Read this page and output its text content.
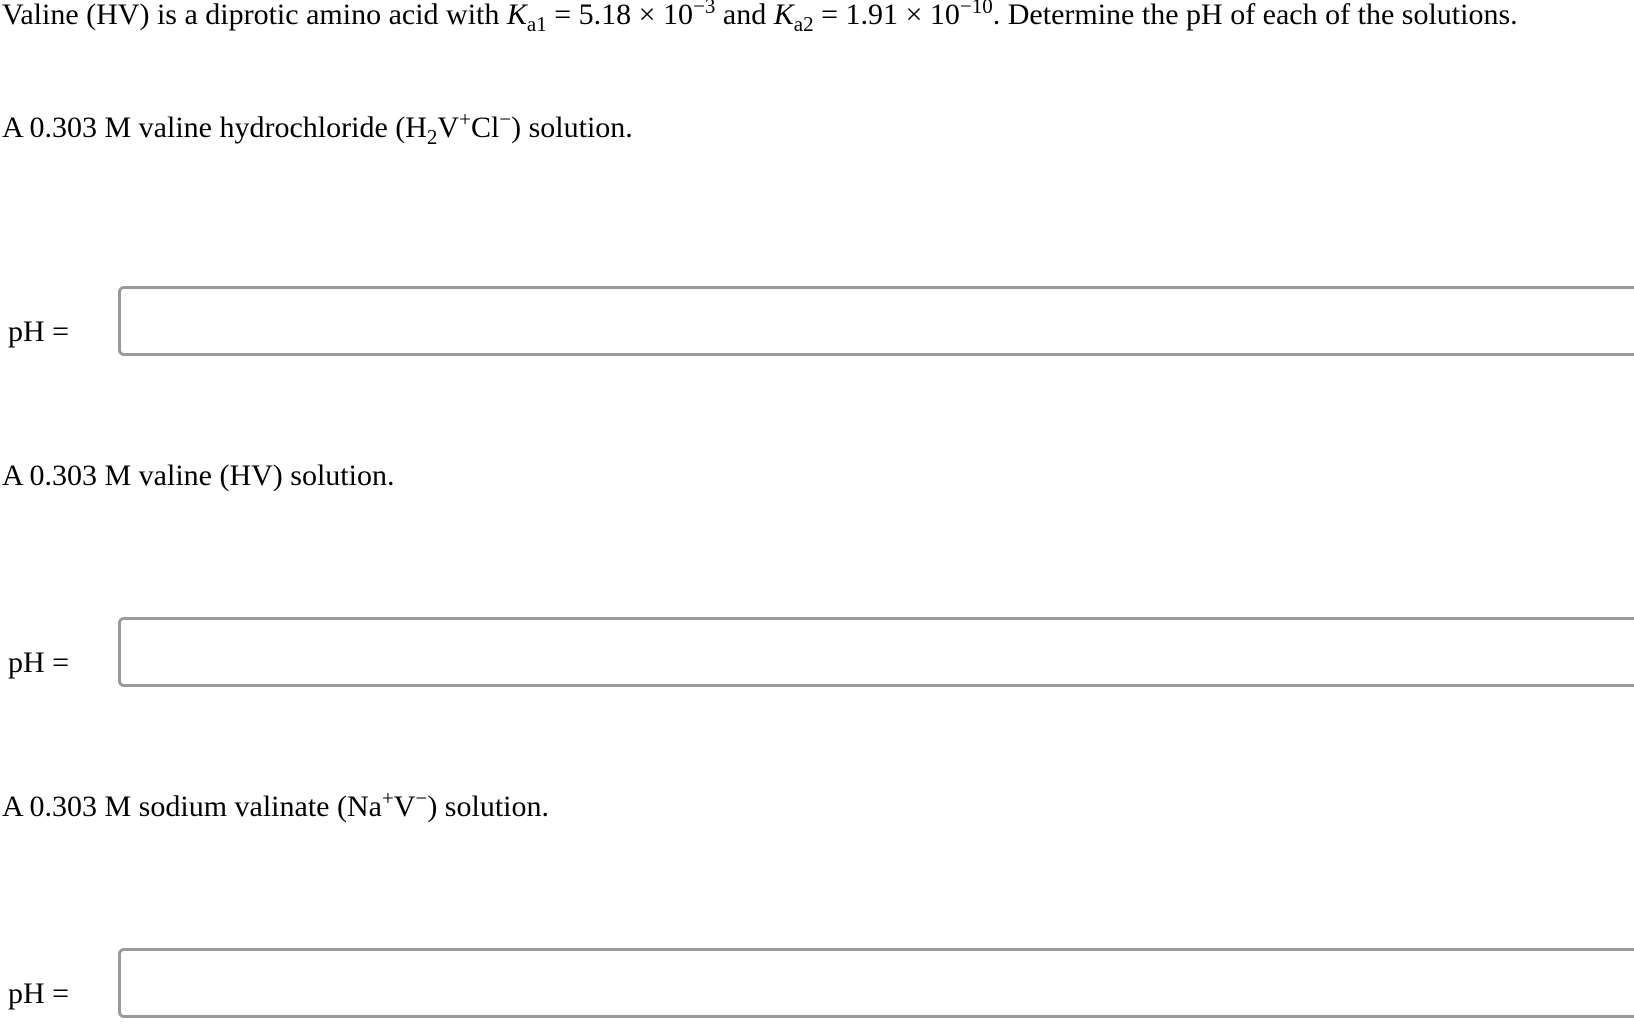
Valine (HV) is a diprotic amino acid with $K_{a1} = 5.18 \times 10^{-3}$ and $K_{a2} = 1.91 \times 10^{-10}$. Determine the pH of each of the solutions.
A 0.303 M valine hydrochloride $(H_2V^+Cl^-)$ solution.
pH =
A 0.303 M valine (HV) solution.
pH =
A 0.303 M sodium valinate (Na+V−) solution.
pH =
